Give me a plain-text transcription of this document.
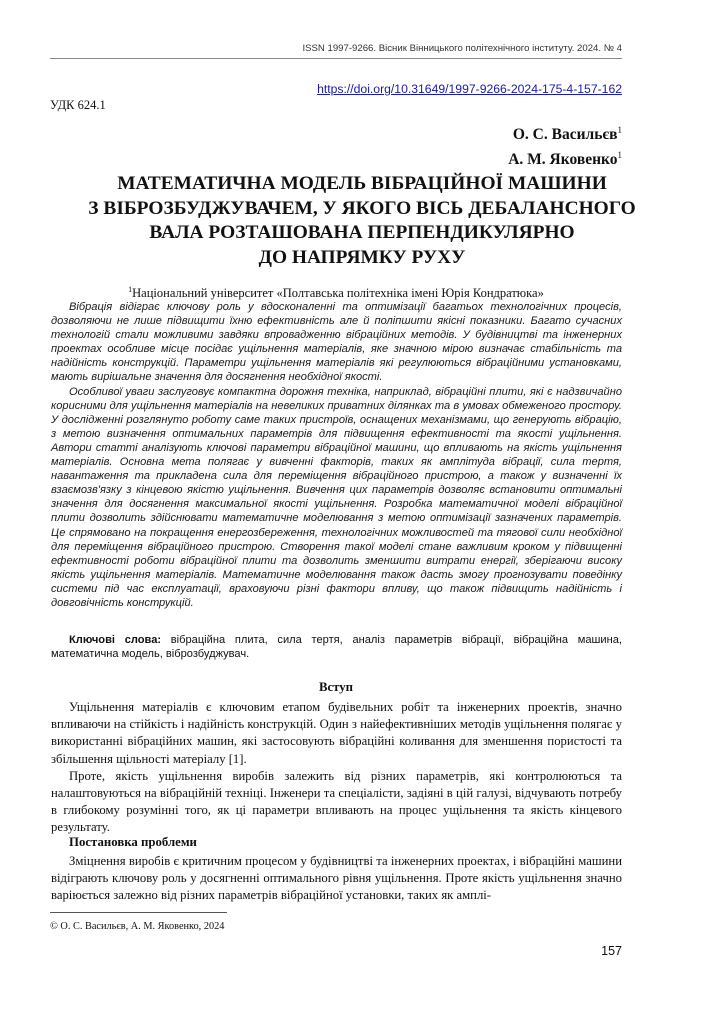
ISSN 1997-9266. Вісник Вінницького політехнічного інституту. 2024. № 4
https://doi.org/10.31649/1997-9266-2024-175-4-157-162
УДК 624.1
О. С. Васильєв$^1$
А. М. Яковенко$^1$
МАТЕМАТИЧНА МОДЕЛЬ ВІБРАЦІЙНОЇ МАШИНИ
З ВІБРОЗБУДЖУВАЧЕМ, У ЯКОГО ВІСЬ ДЕБАЛАНСНОГО
ВАЛА РОЗТАШОВАНА ПЕРПЕНДИКУЛЯРНО
ДО НАПРЯМКУ РУХУ
$^1$Національний університет «Полтавська політехніка імені Юрія Кондратюка»

Вібрація відіграє ключову роль у вдосконаленні та оптимізації багатьох технологічних процесів, дозволяючи не лише підвищити їхню ефективність але й поліпшити якісні показники. Багато сучасних технологій стали можливими завдяки впровадженню вібраційних методів. У будівництві та інженерних проектах особливе місце посідає ущільнення матеріалів, яке значною мірою визначає стабільність та надійність конструкцій. Параметри ущільнення матеріалів які регулюються вібраційними установками, мають вирішальне значення для досягнення необхідної якості.

Особливої уваги заслуговує компактна дорожня техніка, наприклад, вібраційні плити, які є надзвичайно корисними для ущільнення матеріалів на невеликих приватних ділянках та в умовах обмеженого простору. У дослідженні розглянуто роботу саме таких пристроїв, оснащених механізмами, що генерують вібрацію, з метою визначення оптимальних параметрів для підвищення ефективності та якості ущільнення. Автори статті аналізують ключові параметри вібраційної машини, що впливають на якість ущільнення матеріалів. Основна мета полягає у вивченні факторів, таких як амплітуда вібрації, сила тертя, навантаження та прикладена сила для переміщення вібраційного пристрою, а також у визначенні їх взаємозв'язку з кінцевою якістю ущільнення. Вивчення цих параметрів дозволяє встановити оптимальні значення для досягнення максимальної якості ущільнення. Розробка математичної моделі вібраційної плити дозволить здійснювати математичне моделювання з метою оптимізації зазначених параметрів. Це спрямовано на покращення енергозбереження, технологічних можливостей та тягової сили необхідної для переміщення вібраційного пристрою. Створення такої моделі стане важливим кроком у підвищенні ефективності роботи вібраційної плити та дозволить зменшити витрати енергії, зберігаючи високу якість ущільнення матеріалів. Математичне моделювання також дасть змогу прогнозувати поведінку системи під час експлуатації, враховуючи різні фактори впливу, що також підвищить надійність і довговічність конструкцій.

Ключові слова: вібраційна плита, сила тертя, аналіз параметрів вібрації, вібраційна машина, математична модель, віброзбуджувач.
Вступ

Ущільнення матеріалів є ключовим етапом будівельних робіт та інженерних проектів, значно впливаючи на стійкість і надійність конструкцій. Один з найефективніших методів ущільнення полягає у використанні вібраційних машин, які застосовують вібраційні коливання для зменшення пористості та збільшення щільності матеріалу [1].

Проте, якість ущільнення виробів залежить від різних параметрів, які контролюються та налаштовуються на вібраційній техніці. Інженери та спеціалісти, задіяні в цій галузі, відчувають потребу в глибокому розумінні того, як ці параметри впливають на процес ущільнення та якість кінцевого результату.

Постановка проблеми

Зміцнення виробів є критичним процесом у будівництві та інженерних проектах, і вібраційні машини відіграють ключову роль у досягненні оптимального рівня ущільнення. Проте якість ущільнення значно варіюється залежно від різних параметрів вібраційної установки, таких як амплі-

© О. С. Васильєв, А. М. Яковенко, 2024
157
